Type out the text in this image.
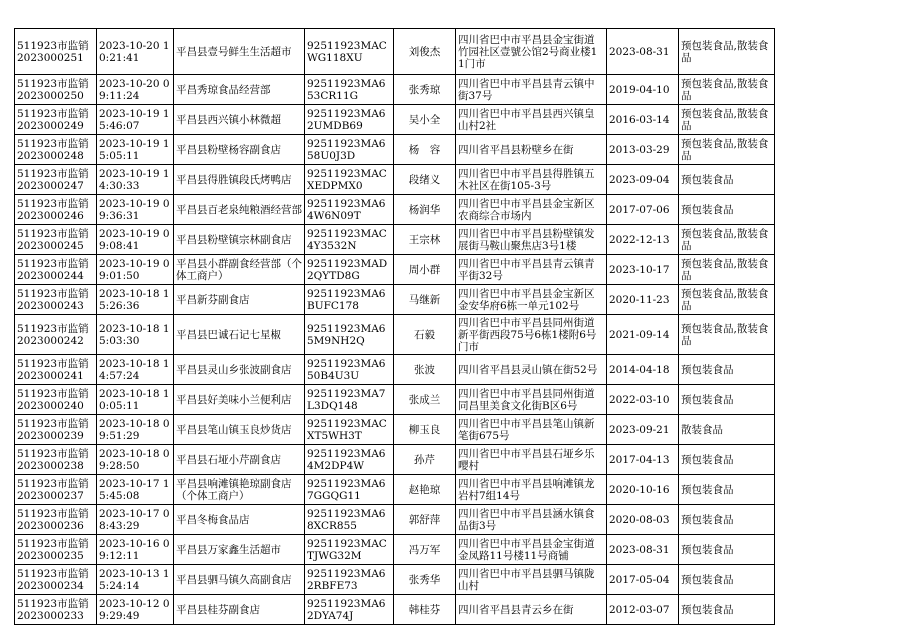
511923市监销2023000251	2023-10-20 10:21:41	平昌县壹号鲜生生活超市	92511923MACWG118XU	刘俊杰	四川省巴中市平昌县金宝街道竹园社区壹號公馆2号商业楼11门市	2023-08-31	预包装食品,散装食品
511923市监销2023000250	2023-10-20 09:11:24	平昌秀琼食品经营部	92511923MA653CR11G	张秀琼	四川省巴中市平昌县青云镇中街37号	2019-04-10	预包装食品,散装食品
511923市监销2023000249	2023-10-19 15:46:07	平昌县西兴镇小林微超	92511923MA62UMDB69	吴小全	四川省巴中市平昌县西兴镇皇山村2社	2016-03-14	预包装食品,散装食品
511923市监销2023000248	2023-10-19 15:05:11	平昌县粉壁杨容副食店	92511923MA658U0J3D	杨　容	四川省平昌县粉壁乡在街	2013-03-29	预包装食品,散装食品
511923市监销2023000247	2023-10-19 14:30:33	平昌县得胜镇段氏烤鸭店	92511923MACXEDPMX0	段绪义	四川省巴中市平昌县得胜镇五木社区在街105-3号	2023-09-04	预包装食品
511923市监销2023000246	2023-10-19 09:36:31	平昌县百老泉纯粮酒经营部	92511923MA64W6N09T	杨润华	四川省巴中市平昌县金宝新区农商综合市场内	2017-07-06	预包装食品
511923市监销2023000245	2023-10-19 09:08:41	平昌县粉壁镇宗林副食店	92511923MAC4Y3532N	王宗林	四川省巴中市平昌县粉壁镇发展街马鞍山聚焦店3号1楼	2022-12-13	预包装食品,散装食品
511923市监销2023000244	2023-10-19 09:01:50	平昌县小群副食经营部（个体工商户）	92511923MAD2QYTD8G	周小群	四川省巴中市平昌县青云镇青平街32号	2023-10-17	预包装食品,散装食品
511923市监销2023000243	2023-10-18 15:26:36	平昌新芬副食店	92511923MA6BUFC178	马继新	四川省巴中市平昌县金宝新区金安华府6栋一单元102号	2020-11-23	预包装食品,散装食品
511923市监销2023000242	2023-10-18 15:03:30	平昌县巴诚石记七星椒	92511923MA65M9NH2Q	石毅	四川省巴中市平昌县同州街道新平街西段75号6栋1楼附6号门市	2021-09-14	预包装食品,散装食品
511923市监销2023000241	2023-10-18 14:57:24	平昌县灵山乡张波副食店	92511923MA650B4U3U	张波	四川省平昌县灵山镇在街52号	2014-04-18	预包装食品
511923市监销2023000240	2023-10-18 10:05:11	平昌县好美味小兰便利店	92511923MA7L3DQ148	张成兰	四川省巴中市平昌县同州街道同昌里美食文化街B区6号	2022-03-10	预包装食品
511923市监销2023000239	2023-10-18 09:51:29	平昌县笔山镇玉良炒货店	92511923MACXT5WH3T	柳玉良	四川省巴中市平昌县笔山镇新笔街675号	2023-09-21	散装食品
511923市监销2023000238	2023-10-18 09:28:50	平昌县石垭小芹副食店	92511923MA64M2DP4W	孙芹	四川省巴中市平昌县石垭乡乐嘤村	2017-04-13	预包装食品
511923市监销2023000237	2023-10-17 15:45:08	平昌县响滩镇艳琼副食店（个体工商户）	92511923MA67GGQG11	赵艳琼	四川省巴中市平昌县响滩镇龙岩村7组14号	2020-10-16	预包装食品
511923市监销2023000236	2023-10-17 08:43:29	平昌冬梅食品店	92511923MA68XCR855	郭舒萍	四川省巴中市平昌县涵水镇食品街3号	2020-08-03	预包装食品
511923市监销2023000235	2023-10-16 09:12:11	平昌县万家鑫生活超市	92511923MACTJWG32M	冯万军	四川省巴中市平昌县金宝街道金凤路11号楼11号商铺	2023-08-31	预包装食品
511923市监销2023000234	2023-10-13 15:24:14	平昌县驷马镇久高副食店	92511923MA62RBFE73	张秀华	四川省巴中市平昌县驷马镇陇山村	2017-05-04	预包装食品
511923市监销2023000233	2023-10-12 09:29:49	平昌县桂芬副食店	92511923MA62DYA74J	韩桂芬	四川省平昌县青云乡在街	2012-03-07	预包装食品
